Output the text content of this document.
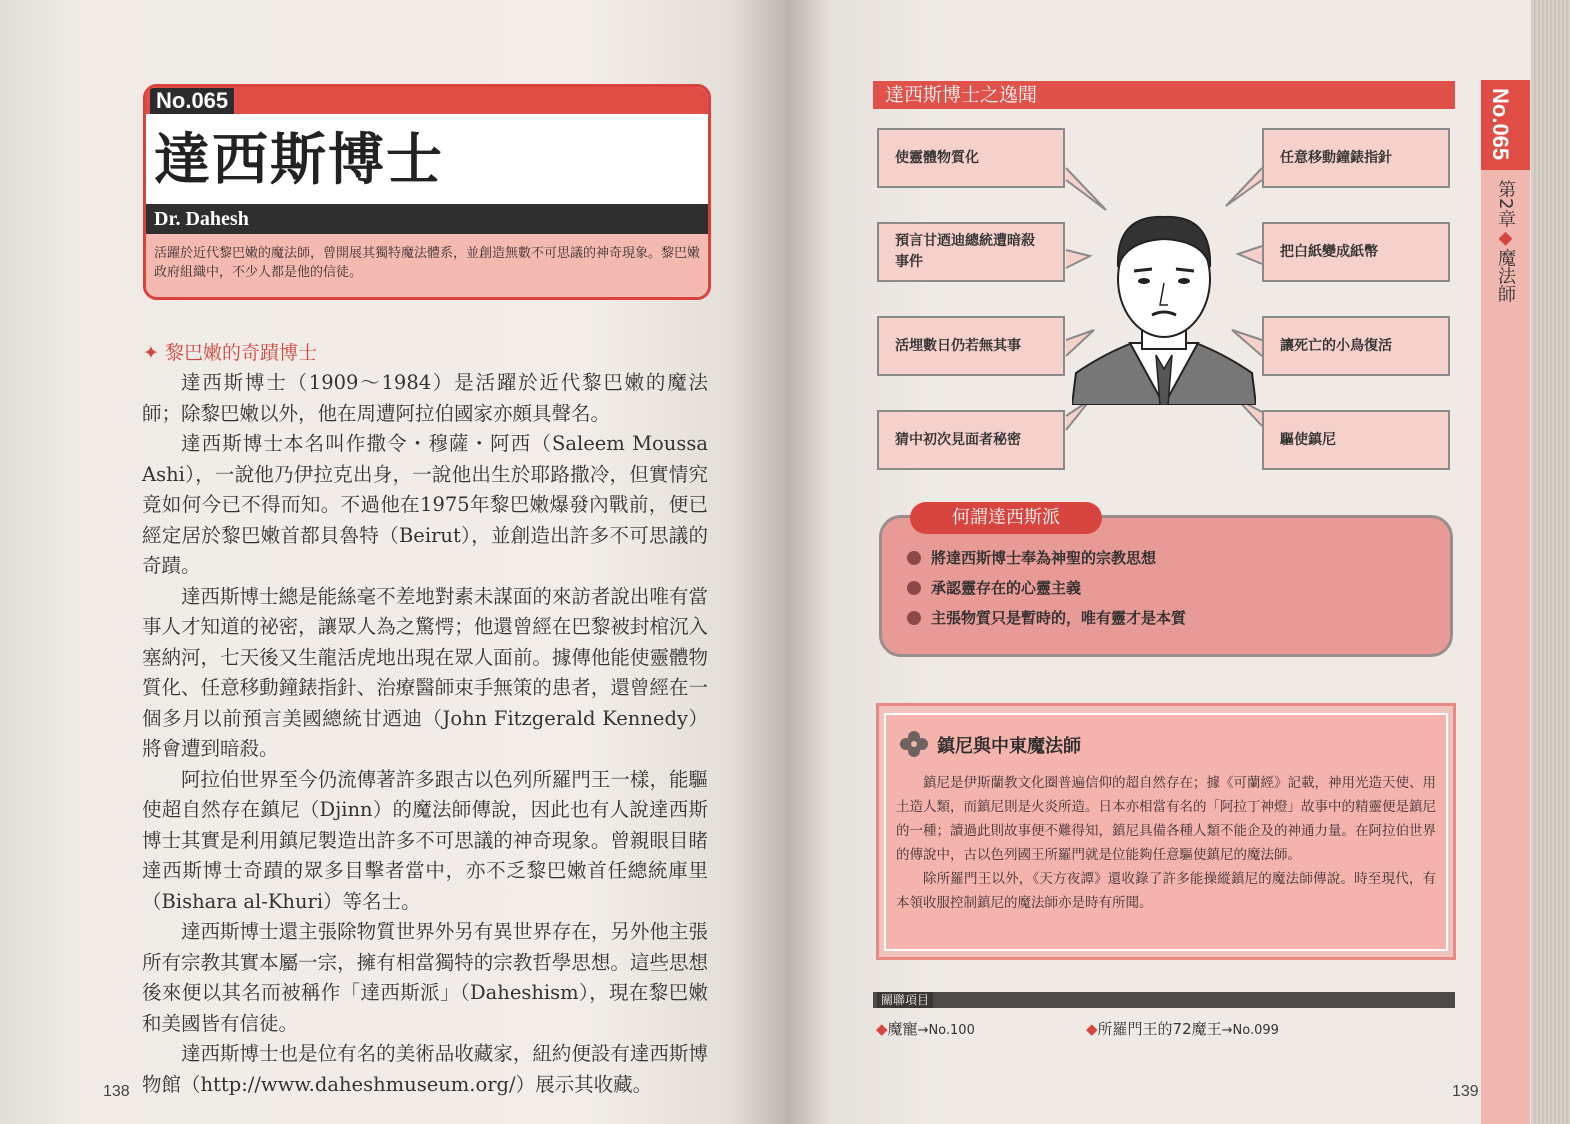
No.065
達西斯博士
Dr. Dahesh
活躍於近代黎巴嫩的魔法師，曾開展其獨特魔法體系，並創造無數不可思議的神奇現象。黎巴嫩政府組織中，不少人都是他的信徒。
✦ 黎巴嫩的奇蹟博士

達西斯博士（1909～1984）是活躍於近代黎巴嫩的魔法師；除黎巴嫩以外，他在周遭阿拉伯國家亦頗具聲名。

達西斯博士本名叫作撒令・穆薩・阿西（Saleem Moussa Ashi），一說他乃伊拉克出身，一說他出生於耶路撒冷，但實情究竟如何今已不得而知。不過他在1975年黎巴嫩爆發內戰前，便已經定居於黎巴嫩首都貝魯特（Beirut），並創造出許多不可思議的奇蹟。

達西斯博士總是能絲毫不差地對素未謀面的來訪者說出唯有當事人才知道的祕密，讓眾人為之驚愕；他還曾經在巴黎被封棺沉入塞納河，七天後又生龍活虎地出現在眾人面前。據傳他能使靈體物質化、任意移動鐘錶指針、治療醫師束手無策的患者，還曾經在一個多月以前預言美國總統甘迺迪（John Fitzgerald Kennedy）將會遭到暗殺。

阿拉伯世界至今仍流傳著許多跟古以色列所羅門王一樣，能驅使超自然存在鎮尼（Djinn）的魔法師傳說，因此也有人說達西斯博士其實是利用鎮尼製造出許多不可思議的神奇現象。曾親眼目睹達西斯博士奇蹟的眾多目擊者當中，亦不乏黎巴嫩首任總統庫里（Bishara al-Khuri）等名士。

達西斯博士還主張除物質世界外另有異世界存在，另外他主張所有宗教其實本屬一宗，擁有相當獨特的宗教哲學思想。這些思想後來便以其名而被稱作「達西斯派」（Daheshism），現在黎巴嫩和美國皆有信徒。

達西斯博士也是位有名的美術品收藏家，紐約便設有達西斯博物館（http://www.daheshmuseum.org/）展示其收藏。

138
達西斯博士之逸聞
使靈體物質化
預言甘迺迪總統遭暗殺事件
活埋數日仍若無其事
猜中初次見面者秘密
任意移動鐘錶指針
把白紙變成紙幣
讓死亡的小鳥復活
驅使鎮尼
何謂達西斯派
將達西斯博士奉為神聖的宗教思想
承認靈存在的心靈主義
主張物質只是暫時的，唯有靈才是本質
鎮尼與中東魔法師

鎮尼是伊斯蘭教文化圈普遍信仰的超自然存在；據《可蘭經》記載，神用光造天使、用土造人類，而鎮尼則是火炎所造。日本亦相當有名的「阿拉丁神燈」故事中的精靈便是鎮尼的一種；讀過此則故事便不難得知，鎮尼具備各種人類不能企及的神通力量。在阿拉伯世界的傳說中，古以色列國王所羅門就是位能夠任意驅使鎮尼的魔法師。

除所羅門王以外，《天方夜譚》還收錄了許多能操縱鎮尼的魔法師傳說。時至現代，有本領收服控制鎮尼的魔法師亦是時有所聞。

關聯項目
◆魔寵→No.100	◆所羅門王的72魔王→No.099
No.065
第2章◆魔法師
139
